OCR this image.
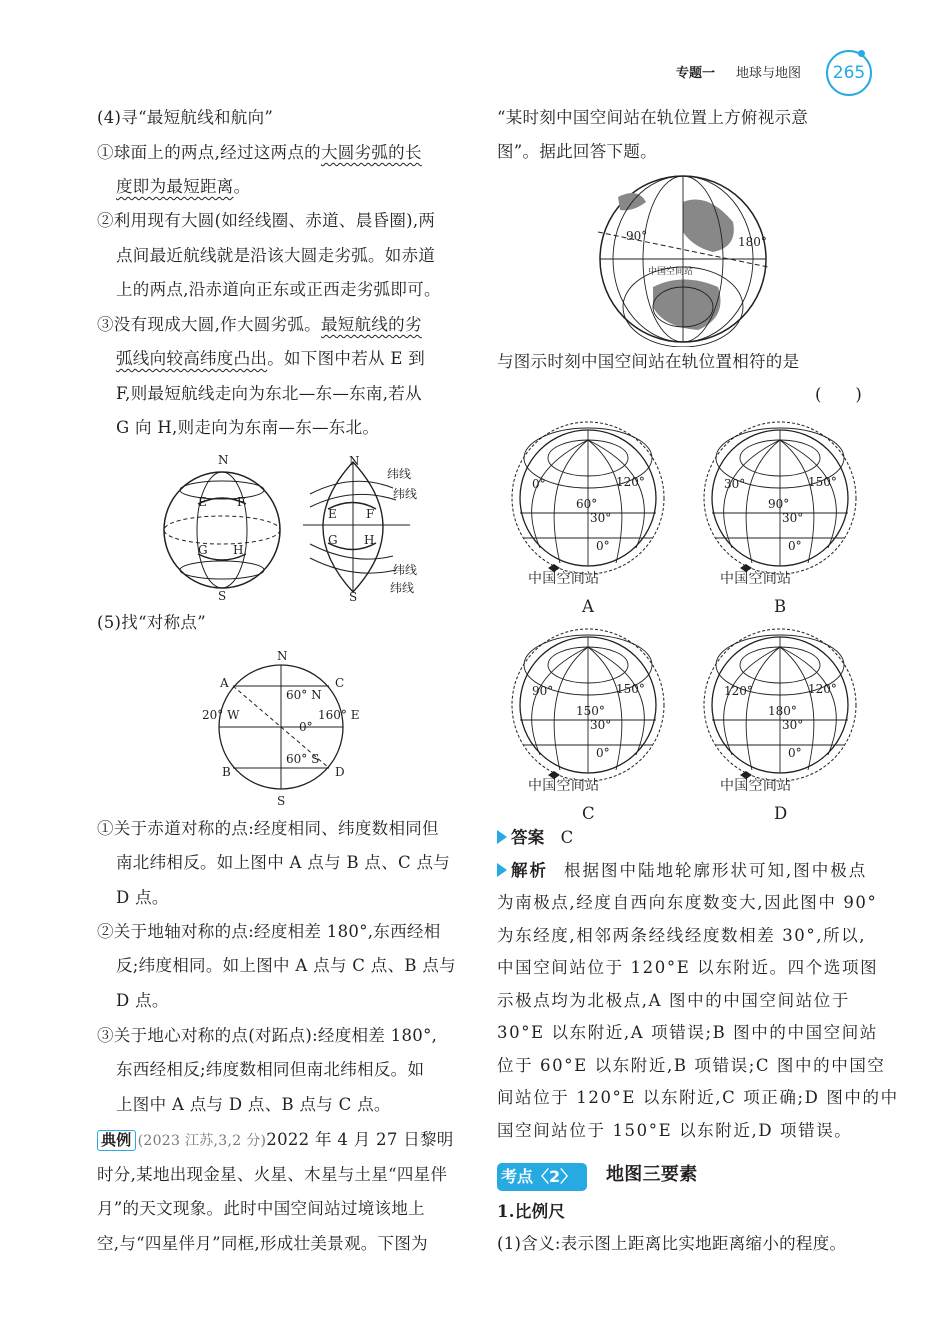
专题一 地球与地图	265
(4)寻“最短航线和航向”
①球面上的两点,经过这两点的大圆劣弧的长
度即为最短距离。
②利用现有大圆(如经线圈、赤道、晨昏圈),两
点间最近航线就是沿该大圆走劣弧。如赤道
上的两点,沿赤道向正东或正西走劣弧即可。
③没有现成大圆,作大圆劣弧。最短航线的劣
弧线向较高纬度凸出。如下图中若从 E 到
F,则最短航线走向为东北—东—东南,若从
G 向 H,则走向为东南—东—东北。
(5)找“对称点”
①关于赤道对称的点:经度相同、纬度数相同但
南北纬相反。如上图中 A 点与 B 点、C 点与
D 点。
②关于地轴对称的点:经度相差 180°,东西经相
反;纬度相同。如上图中 A 点与 C 点、B 点与
D 点。
③关于地心对称的点(对跖点):经度相差 180°,
东西经相反;纬度数相同但南北纬相反。如
上图中 A 点与 D 点、B 点与 C 点。
典例 (2023 江苏,3,2 分)2022 年 4 月 27 日黎明
时分,某地出现金星、火星、木星与土星“四星伴
月”的天文现象。此时中国空间站过境该地上
空,与“四星伴月”同框,形成壮美景观。下图为
“某时刻中国空间站在轨位置上方俯视示意
图”。据此回答下题。
与图示时刻中国空间站在轨位置相符的是
(　　)
答案 C
解析 根据图中陆地轮廓形状可知,图中极点
为南极点,经度自西向东度数变大,因此图中 90°
为东经度,相邻两条经线经度数相差 30°,所以,
中国空间站位于 120°E 以东附近。四个选项图
示极点均为北极点,A 图中的中国空间站位于
30°E 以东附近,A 项错误;B 图中的中国空间站
位于 60°E 以东附近,B 项错误;C 图中的中国空
间站位于 120°E 以东附近,C 项正确;D 图中的中
国空间站位于 150°E 以东附近,D 项错误。
地图三要素
1.比例尺
(1)含义:表示图上距离比实地距离缩小的程度。
N
S
E	F
G H
N
S
E F
G H
纬线
纬线
纬线
纬线
N
S
A	C
B	D
60° N
60° S
20° W	160° E
0°
90°	180°
中国空间站
0°	120°
60°
30°
0°
中国空间站
A
30°	150°
90°
30°
0°
中国空间站
B
90°	150°
150°
30°
0°
中国空间站
C
120°	120°
180°
30°
0°
中国空间站
D
考点〈2〉
